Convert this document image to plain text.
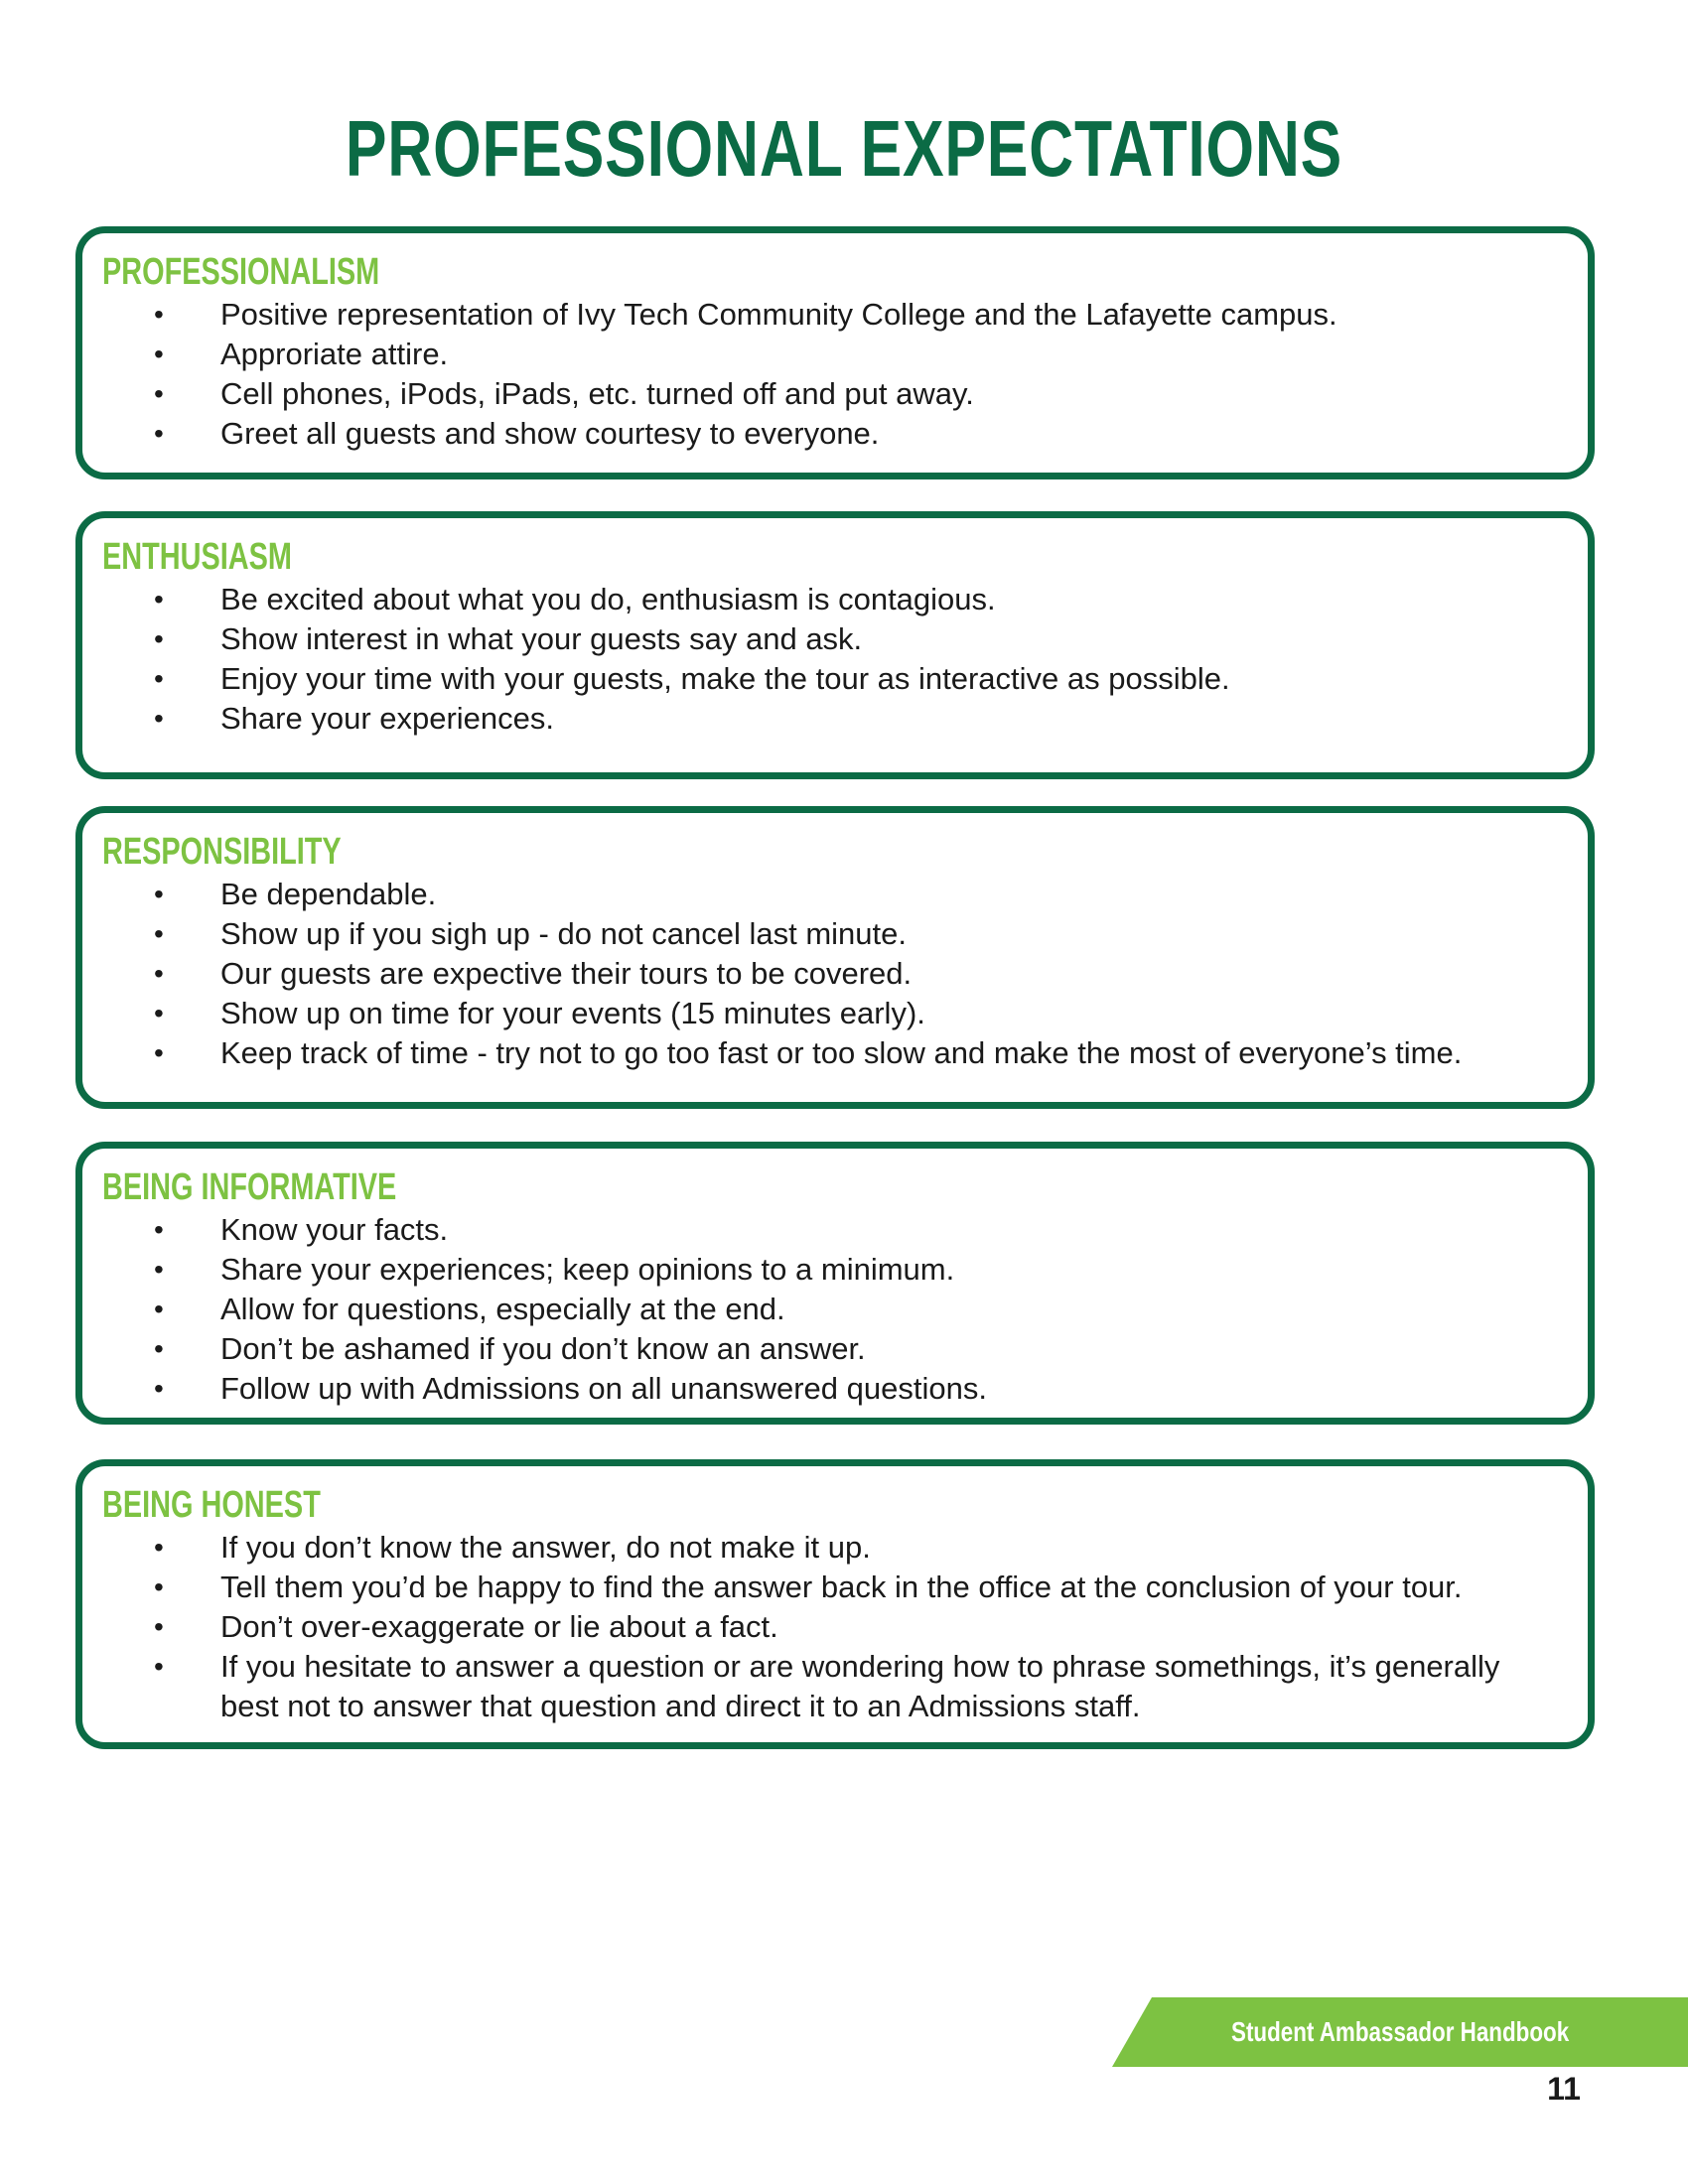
PROFESSIONAL EXPECTATIONS
PROFESSIONALISM
• Positive representation of Ivy Tech Community College and the Lafayette campus.
• Approriate attire.
• Cell phones, iPods, iPads, etc. turned off and put away.
• Greet all guests and show courtesy to everyone.
ENTHUSIASM
• Be excited about what you do, enthusiasm is contagious.
• Show interest in what your guests say and ask.
• Enjoy your time with your guests, make the tour as interactive as possible.
• Share your experiences.
RESPONSIBILITY
• Be dependable.
• Show up if you sigh up - do not cancel last minute.
• Our guests are expective their tours to be covered.
• Show up on time for your events (15 minutes early).
• Keep track of time - try not to go too fast or too slow and make the most of everyone’s time.
BEING INFORMATIVE
• Know your facts.
• Share your experiences; keep opinions to a minimum.
• Allow for questions, especially at the end.
• Don’t be ashamed if you don’t know an answer.
• Follow up with Admissions on all unanswered questions.
BEING HONEST
• If you don’t know the answer, do not make it up.
• Tell them you’d be happy to find the answer back in the office at the conclusion of your tour.
• Don’t over-exaggerate or lie about a fact.
• If you hesitate to answer a question or are wondering how to phrase somethings, it’s generally best not to answer that question and direct it to an Admissions staff.
Student Ambassador Handbook
11
